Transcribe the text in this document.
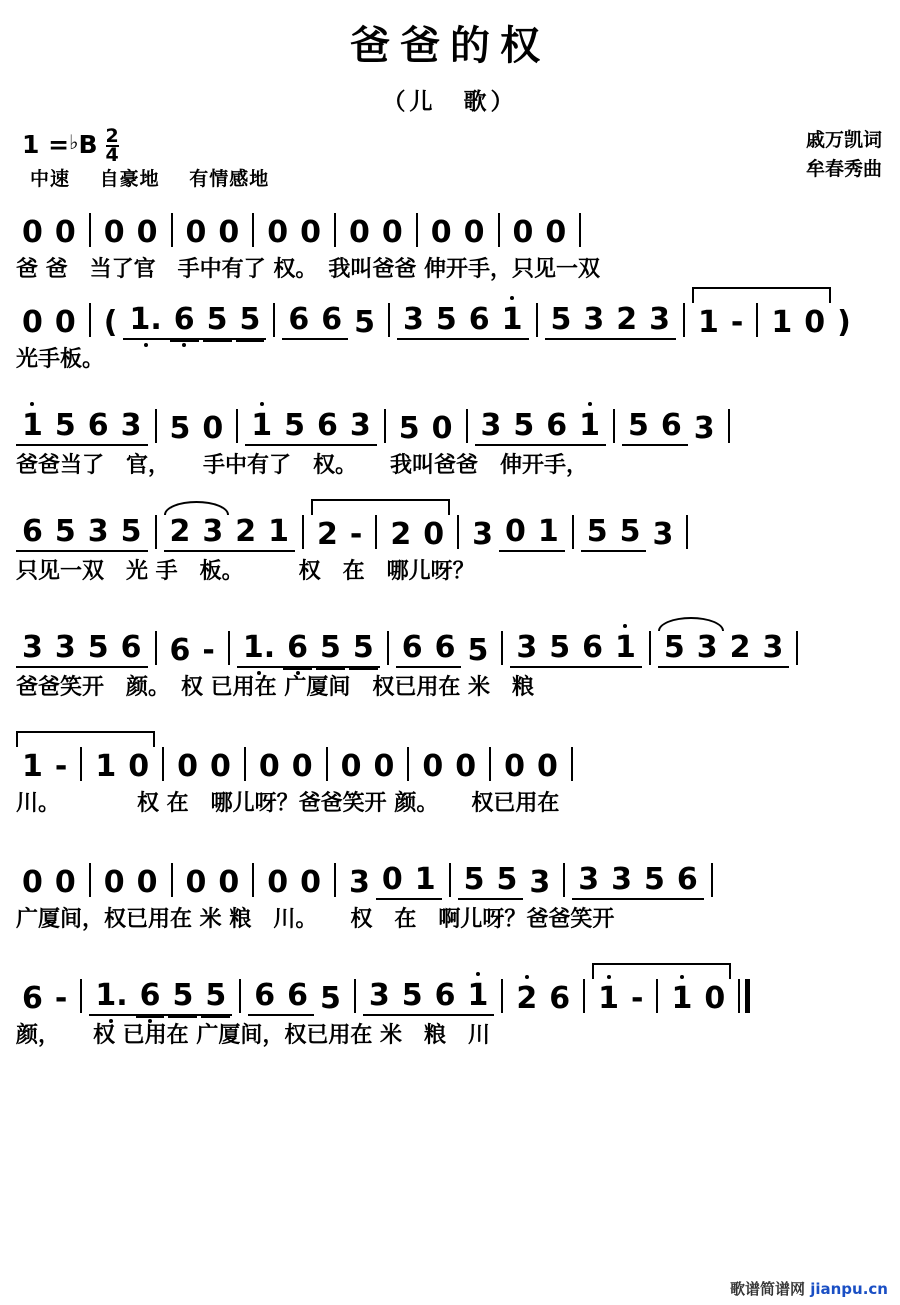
爸爸的权
（儿　歌）
1 = ♭ B $\frac{2}{4}$
中速 自豪地 有情感地
戚万凯词
牟春秀曲
0 0 0 0 0 0 0 0 0 0 0 0 0 0
爸 爸　当了官　手中有了 权。　我叫爸爸 伸开手，只见一双
0 0 ( 1. 6 5 5 6 6 5 3 5 6 1 5 3 2 3 1 - 1 0 )
光手板。
1 5 6 3 5 0 1 5 6 3 5 0 3 5 6 1 5 6 3
爸爸当了　官，　　手中有了　权。　　我叫爸爸　伸开手，
6 5 3 5 2 3 2 1 2 - 2 0 3 0 1 5 5 3
只见一双　光 手　板。　　　权　在　哪儿呀？
3 3 5 6 6 - 1. 6 5 5 6 6 5 3 5 6 1 5 3 2 3
爸爸笑开　颜。　权 已用在 广厦间　权已用在 米　粮
1 - 1 0 0 0 0 0 0 0 0 0 0 0
川。　　　　权 在　哪儿呀？爸爸笑开 颜。　　权已用在
0 0 0 0 0 0 0 0 3 0 1 5 5 3 3 3 5 6
广厦间，权已用在 米 粮　川。　　权　在　啊儿呀？爸爸笑开
6 - 1. 6 5 5 6 6 5 3 5 6 1 2 6 1 - 1 0
颜，　　权 已用在 广厦间，权已用在 米　粮　川
歌谱简谱网 jianpu.cn
